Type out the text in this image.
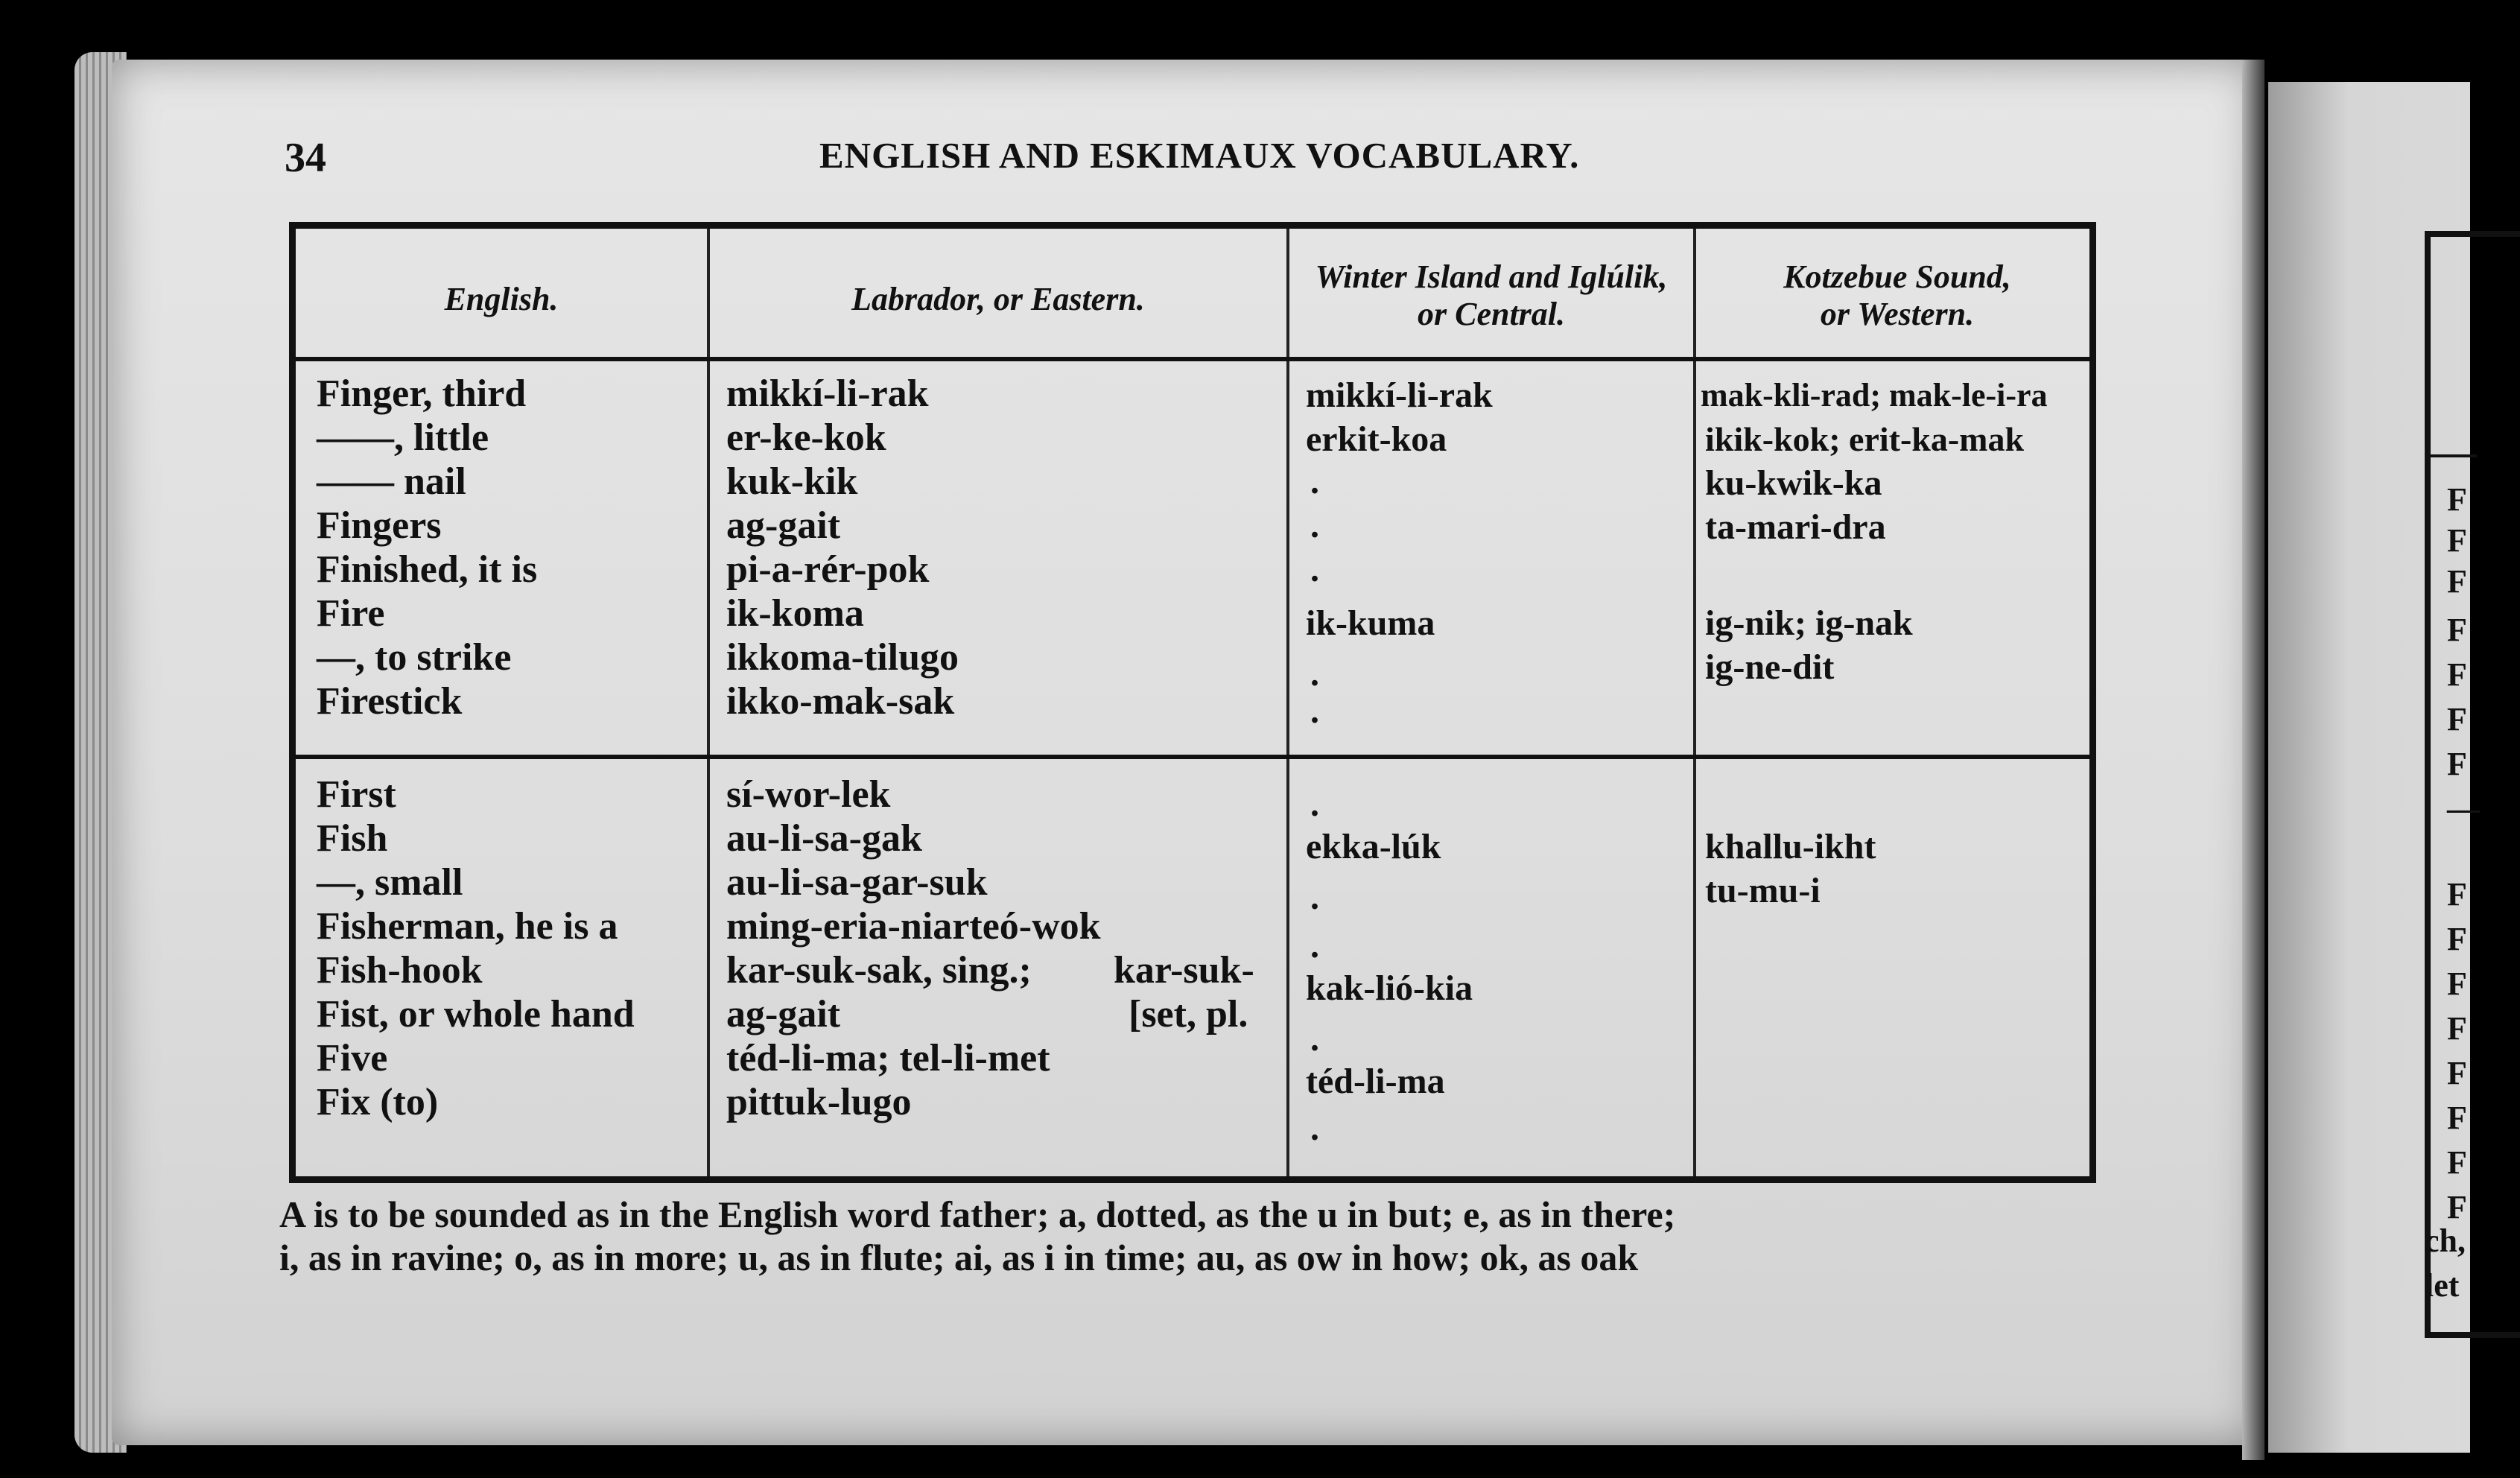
F
F
F
F
F
F
F
—
F
F
F
F
F
F
F
F
ch,
let
34	ENGLISH AND ESKIMAUX VOCABULARY.
English.	Labrador, or Eastern.
Winter Island and Iglúlik,
or Central.
Kotzebue Sound,
or Western.
Finger, third
——, little
—— nail
Fingers
Finished, it is
Fire
—, to strike
Firestick
mikkí-li-rak
er-ke-kok
kuk-kik
ag-gait
pi-a-rér-pok
ik-koma
ikkoma-tilugo
ikko-mak-sak
mikkí-li-rak
erkit-koa
.
.
.
ik-kuma
.
.
mak-kli-rad; mak-le-i-ra
ikik-kok; erit-ka-mak
ku-kwik-ka
ta-mari-dra
ig-nik; ig-nak
ig-ne-dit
First
Fish
—, small
Fisherman, he is a
Fish-hook
Fist, or whole hand
Five
Fix (to)
sí-wor-lek
au-li-sa-gak
au-li-sa-gar-suk
ming-eria-niarteó-wok
kar-suk-sak, sing.;
ag-gait
téd-li-ma; tel-li-met
pittuk-lugo
kar-suk-
[set, pl.
.
ekka-lúk
.
.
kak-lió-kia
.
téd-li-ma
.
khallu-ikht
tu-mu-i
A is to be sounded as in the English word father; a, dotted, as the u in but; e, as in there;
i, as in ravine; o, as in more; u, as in flute; ai, as i in time; au, as ow in how; ok, as oak
